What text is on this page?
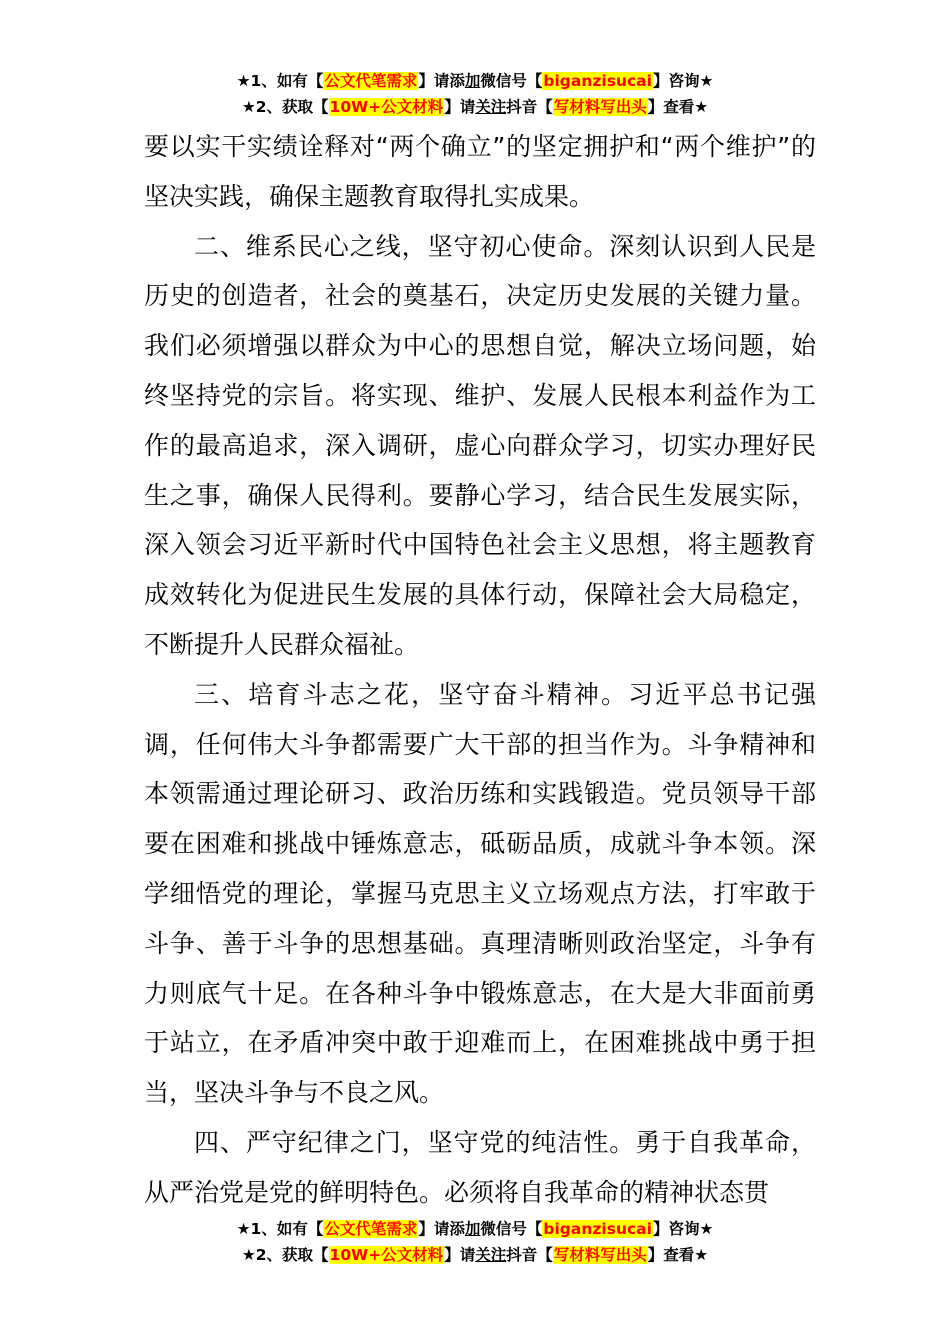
★1、如有【公文代笔需求】请添加微信号【biganzisucai】咨询★
★2、获取【10W+公文材料】请关注抖音【写材料写出头】查看★

要以实干实绩诠释对“两个确立”的坚定拥护和“两个维护”的坚决实践，确保主题教育取得扎实成果。

二、维系民心之线，坚守初心使命。深刻认识到人民是历史的创造者，社会的奠基石，决定历史发展的关键力量。我们必须增强以群众为中心的思想自觉，解决立场问题，始终坚持党的宗旨。将实现、维护、发展人民根本利益作为工作的最高追求，深入调研，虚心向群众学习，切实办理好民生之事，确保人民得利。要静心学习，结合民生发展实际，深入领会习近平新时代中国特色社会主义思想，将主题教育成效转化为促进民生发展的具体行动，保障社会大局稳定，不断提升人民群众福祉。

三、培育斗志之花，坚守奋斗精神。习近平总书记强调，任何伟大斗争都需要广大干部的担当作为。斗争精神和本领需通过理论研习、政治历练和实践锻造。党员领导干部要在困难和挑战中锤炼意志，砥砺品质，成就斗争本领。深学细悟党的理论，掌握马克思主义立场观点方法，打牢敢于斗争、善于斗争的思想基础。真理清晰则政治坚定，斗争有力则底气十足。在各种斗争中锻炼意志，在大是大非面前勇于站立，在矛盾冲突中敢于迎难而上，在困难挑战中勇于担当，坚决斗争与不良之风。

四、严守纪律之门，坚守党的纯洁性。勇于自我革命，从严治党是党的鲜明特色。必须将自我革命的精神状态贯

★1、如有【公文代笔需求】请添加微信号【biganzisucai】咨询★
★2、获取【10W+公文材料】请关注抖音【写材料写出头】查看★
